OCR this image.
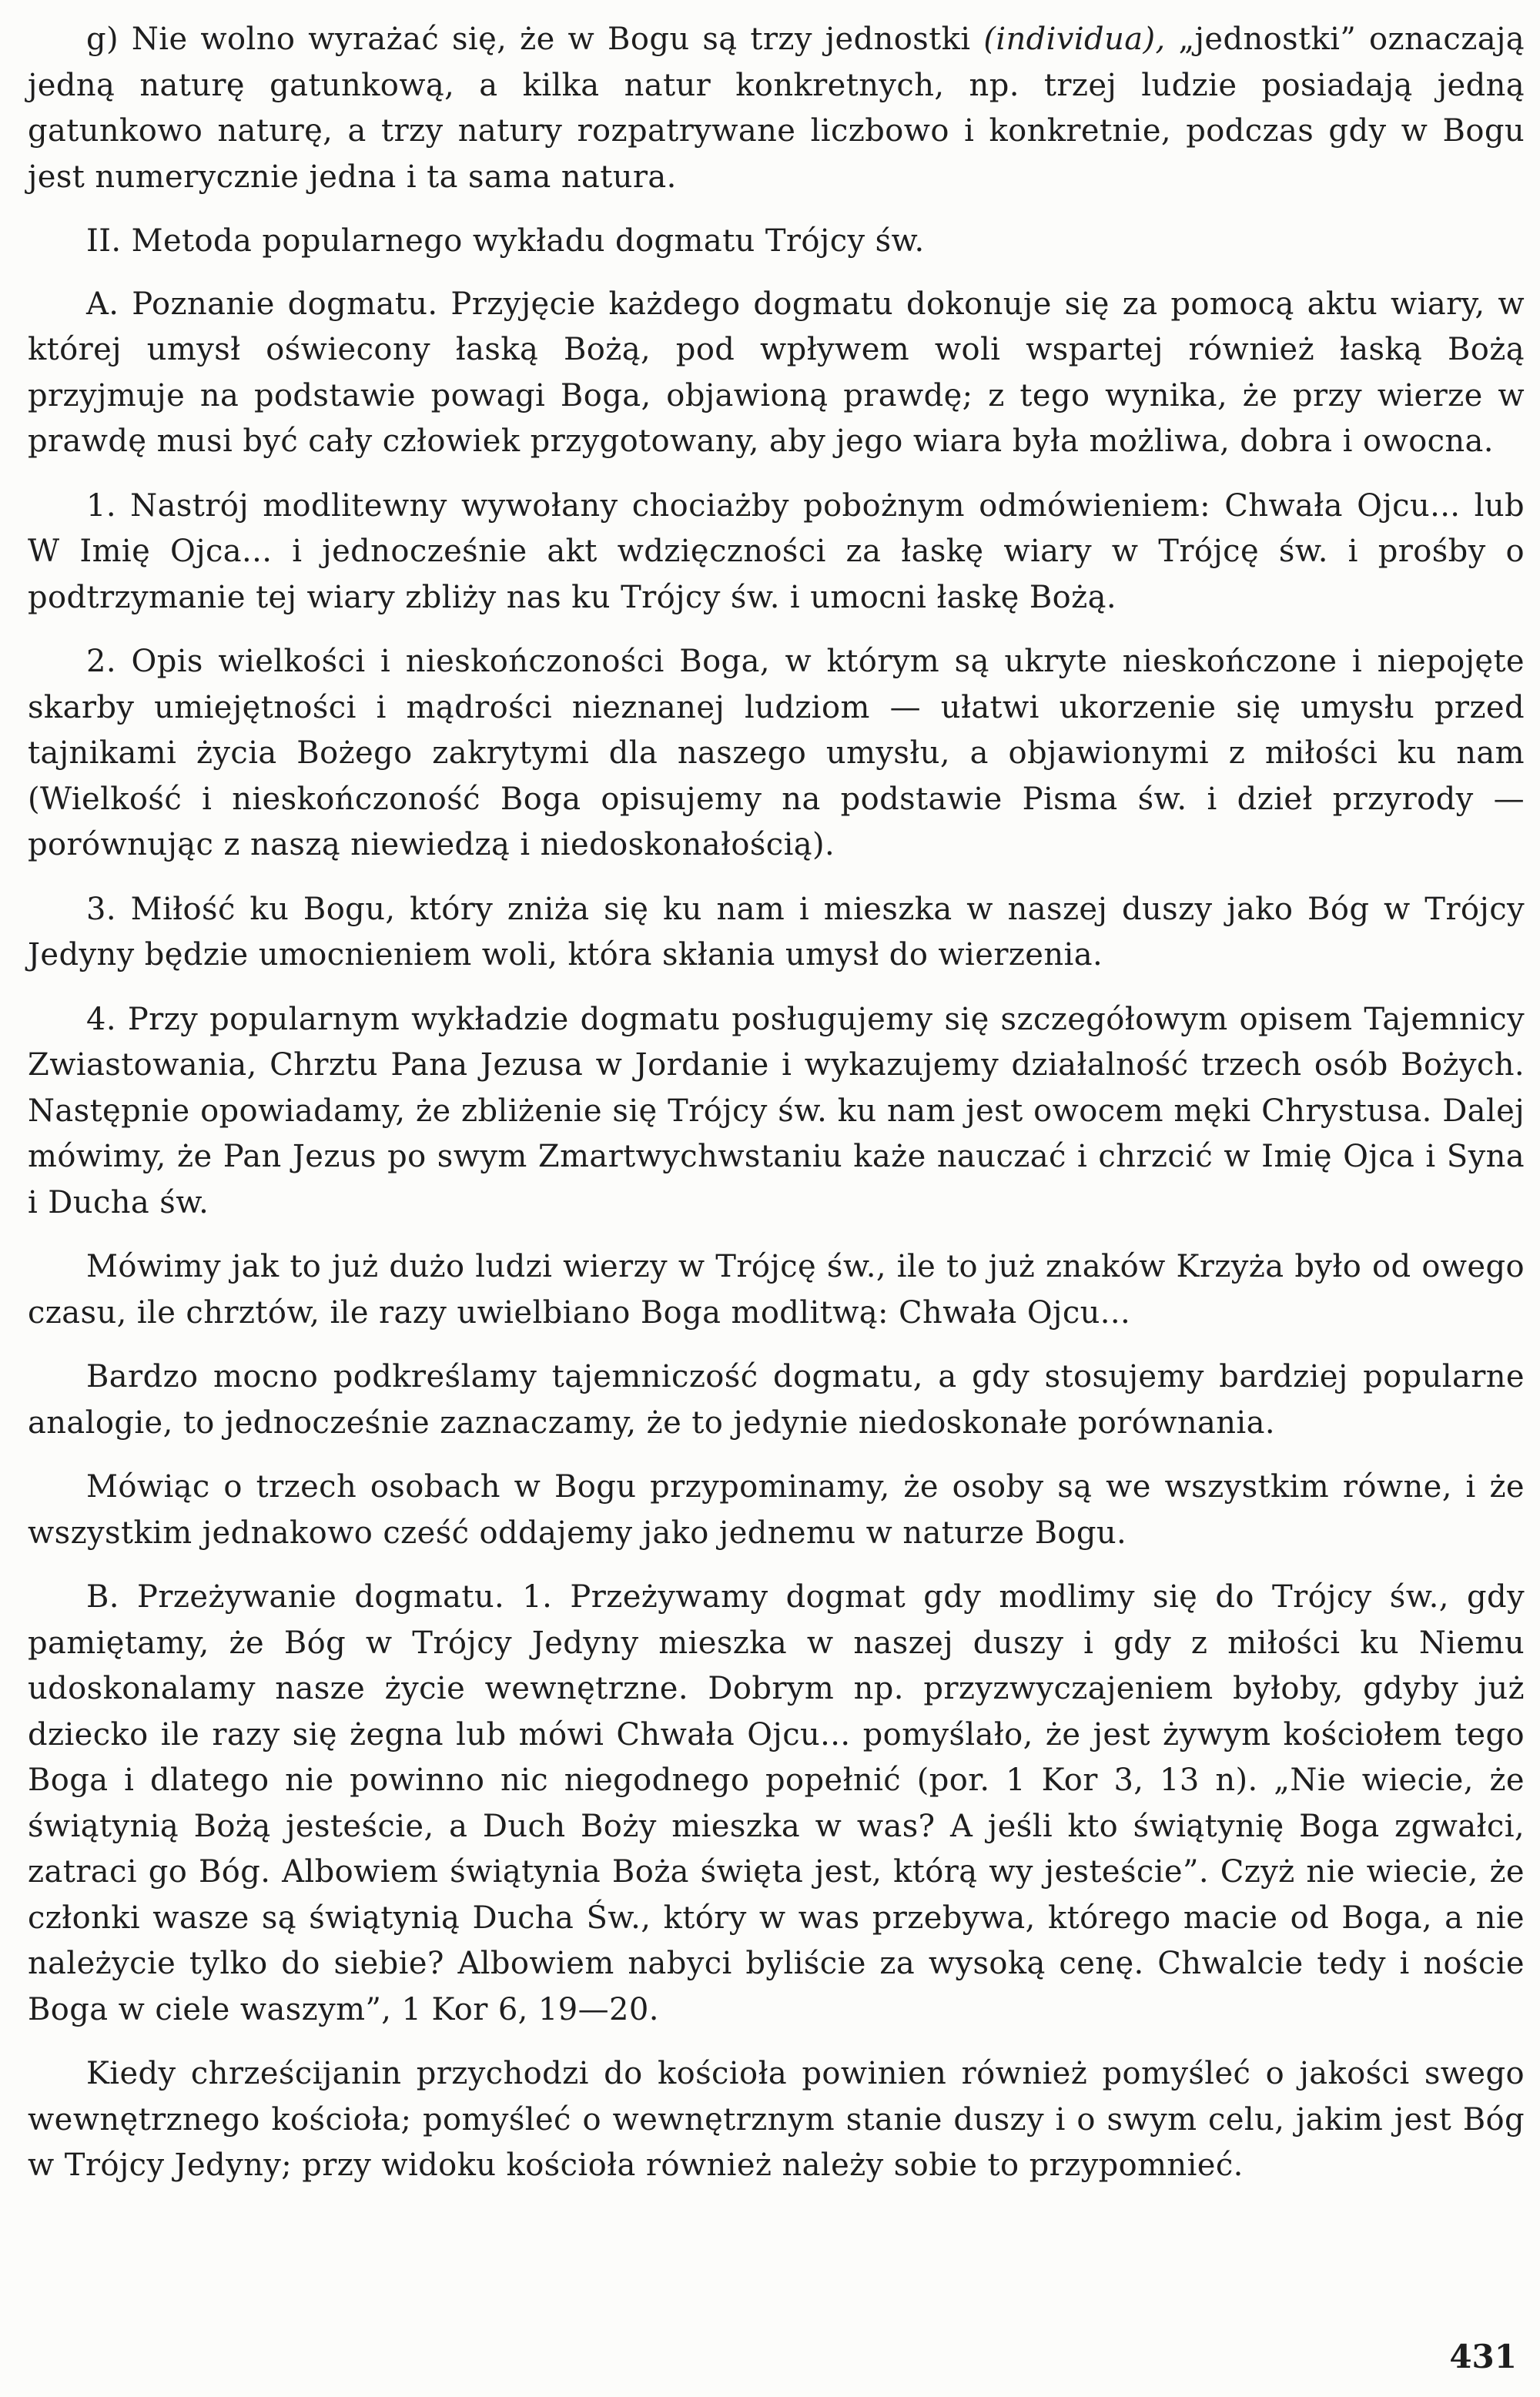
g) Nie wolno wyrażać się, że w Bogu są trzy jednostki (individua), „jednostki” oznaczają jedną naturę gatunkową, a kilka natur konkretnych, np. trzej ludzie posiadają jedną gatunkowo naturę, a trzy natury rozpatrywane liczbowo i konkretnie, podczas gdy w Bogu jest numerycznie jedna i ta sama natura.

II. Metoda popularnego wykładu dogmatu Trójcy św.

A. Poznanie dogmatu. Przyjęcie każdego dogmatu dokonuje się za pomocą aktu wiary, w której umysł oświecony łaską Bożą, pod wpływem woli wspartej również łaską Bożą przyjmuje na podstawie powagi Boga, objawioną prawdę; z tego wynika, że przy wierze w prawdę musi być cały człowiek przygotowany, aby jego wiara była możliwa, dobra i owocna.

1. Nastrój modlitewny wywołany chociażby pobożnym odmówieniem: Chwała Ojcu... lub W Imię Ojca... i jednocześnie akt wdzięczności za łaskę wiary w Trójcę św. i prośby o podtrzymanie tej wiary zbliży nas ku Trójcy św. i umocni łaskę Bożą.

2. Opis wielkości i nieskończoności Boga, w którym są ukryte nieskończone i niepojęte skarby umiejętności i mądrości nieznanej ludziom — ułatwi ukorzenie się umysłu przed tajnikami życia Bożego zakrytymi dla naszego umysłu, a objawionymi z miłości ku nam (Wielkość i nieskończoność Boga opisujemy na podstawie Pisma św. i dzieł przyrody — porównując z naszą niewiedzą i niedoskonałością).

3. Miłość ku Bogu, który zniża się ku nam i mieszka w naszej duszy jako Bóg w Trójcy Jedyny będzie umocnieniem woli, która skłania umysł do wierzenia.

4. Przy popularnym wykładzie dogmatu posługujemy się szczegółowym opisem Tajemnicy Zwiastowania, Chrztu Pana Jezusa w Jordanie i wykazujemy działalność trzech osób Bożych. Następnie opowiadamy, że zbliżenie się Trójcy św. ku nam jest owocem męki Chrystusa. Dalej mówimy, że Pan Jezus po swym Zmartwychwstaniu każe nauczać i chrzcić w Imię Ojca i Syna i Ducha św.

Mówimy jak to już dużo ludzi wierzy w Trójcę św., ile to już znaków Krzyża było od owego czasu, ile chrztów, ile razy uwielbiano Boga modlitwą: Chwała Ojcu...

Bardzo mocno podkreślamy tajemniczość dogmatu, a gdy stosujemy bardziej popularne analogie, to jednocześnie zaznaczamy, że to jedynie niedoskonałe porównania.

Mówiąc o trzech osobach w Bogu przypominamy, że osoby są we wszystkim równe, i że wszystkim jednakowo cześć oddajemy jako jednemu w naturze Bogu.

B. Przeżywanie dogmatu. 1. Przeżywamy dogmat gdy modlimy się do Trójcy św., gdy pamiętamy, że Bóg w Trójcy Jedyny mieszka w naszej duszy i gdy z miłości ku Niemu udoskonalamy nasze życie wewnętrzne. Dobrym np. przyzwyczajeniem byłoby, gdyby już dziecko ile razy się żegna lub mówi Chwała Ojcu... pomyślało, że jest żywym kościołem tego Boga i dlatego nie powinno nic niegodnego popełnić (por. 1 Kor 3, 13 n). „Nie wiecie, że świątynią Bożą jesteście, a Duch Boży mieszka w was? A jeśli kto świątynię Boga zgwałci, zatraci go Bóg. Albowiem świątynia Boża święta jest, którą wy jesteście”. Czyż nie wiecie, że członki wasze są świątynią Ducha Św., który w was przebywa, którego macie od Boga, a nie należycie tylko do siebie? Albowiem nabyci byliście za wysoką cenę. Chwalcie tedy i noście Boga w ciele waszym”, 1 Kor 6, 19—20.

Kiedy chrześcijanin przychodzi do kościoła powinien również pomyśleć o jakości swego wewnętrznego kościoła; pomyśleć o wewnętrznym stanie duszy i o swym celu, jakim jest Bóg w Trójcy Jedyny; przy widoku kościoła również należy sobie to przypomnieć.

431
